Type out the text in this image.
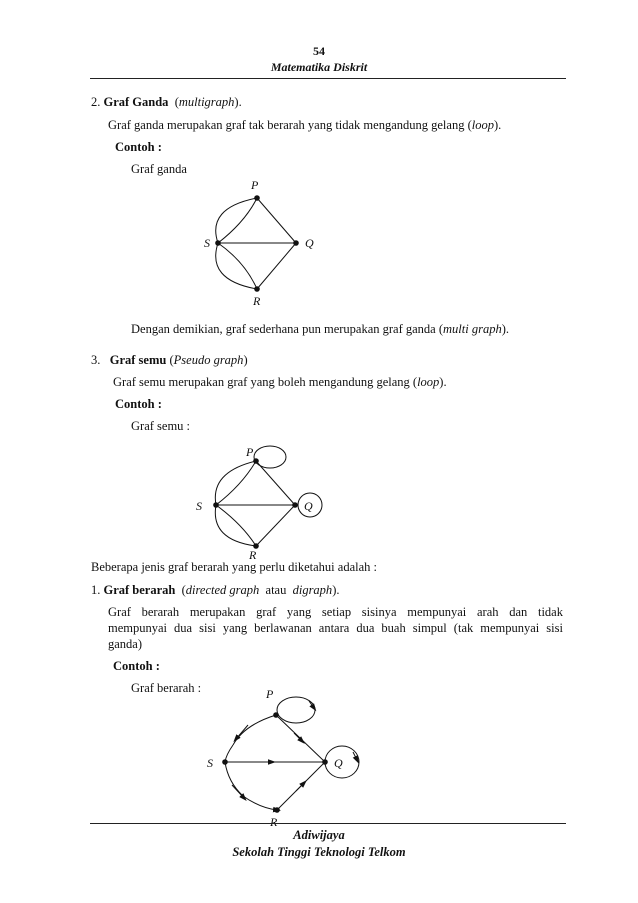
54
Matematika Diskrit
2. Graf Ganda  (multigraph).
Graf ganda merupakan graf tak berarah yang tidak mengandung gelang (loop).
Contoh :
Graf ganda
P
S	Q
R
P
S	Q
R
P
S	Q
R
Dengan demikian, graf sederhana pun merupakan graf ganda (multi graph).
3. Graf semu (Pseudo graph)
Graf semu merupakan graf yang boleh mengandung gelang (loop).
Contoh :
Graf semu :
Beberapa jenis graf berarah yang perlu diketahui adalah :
1. Graf berarah  (directed graph atau digraph).
Graf berarah merupakan graf yang setiap sisinya mempunyai arah dan tidak
mempunyai dua sisi yang berlawanan antara dua buah simpul (tak mempunyai sisi
ganda)
Contoh :
Graf berarah :
Adiwijaya
Sekolah Tinggi Teknologi Telkom
